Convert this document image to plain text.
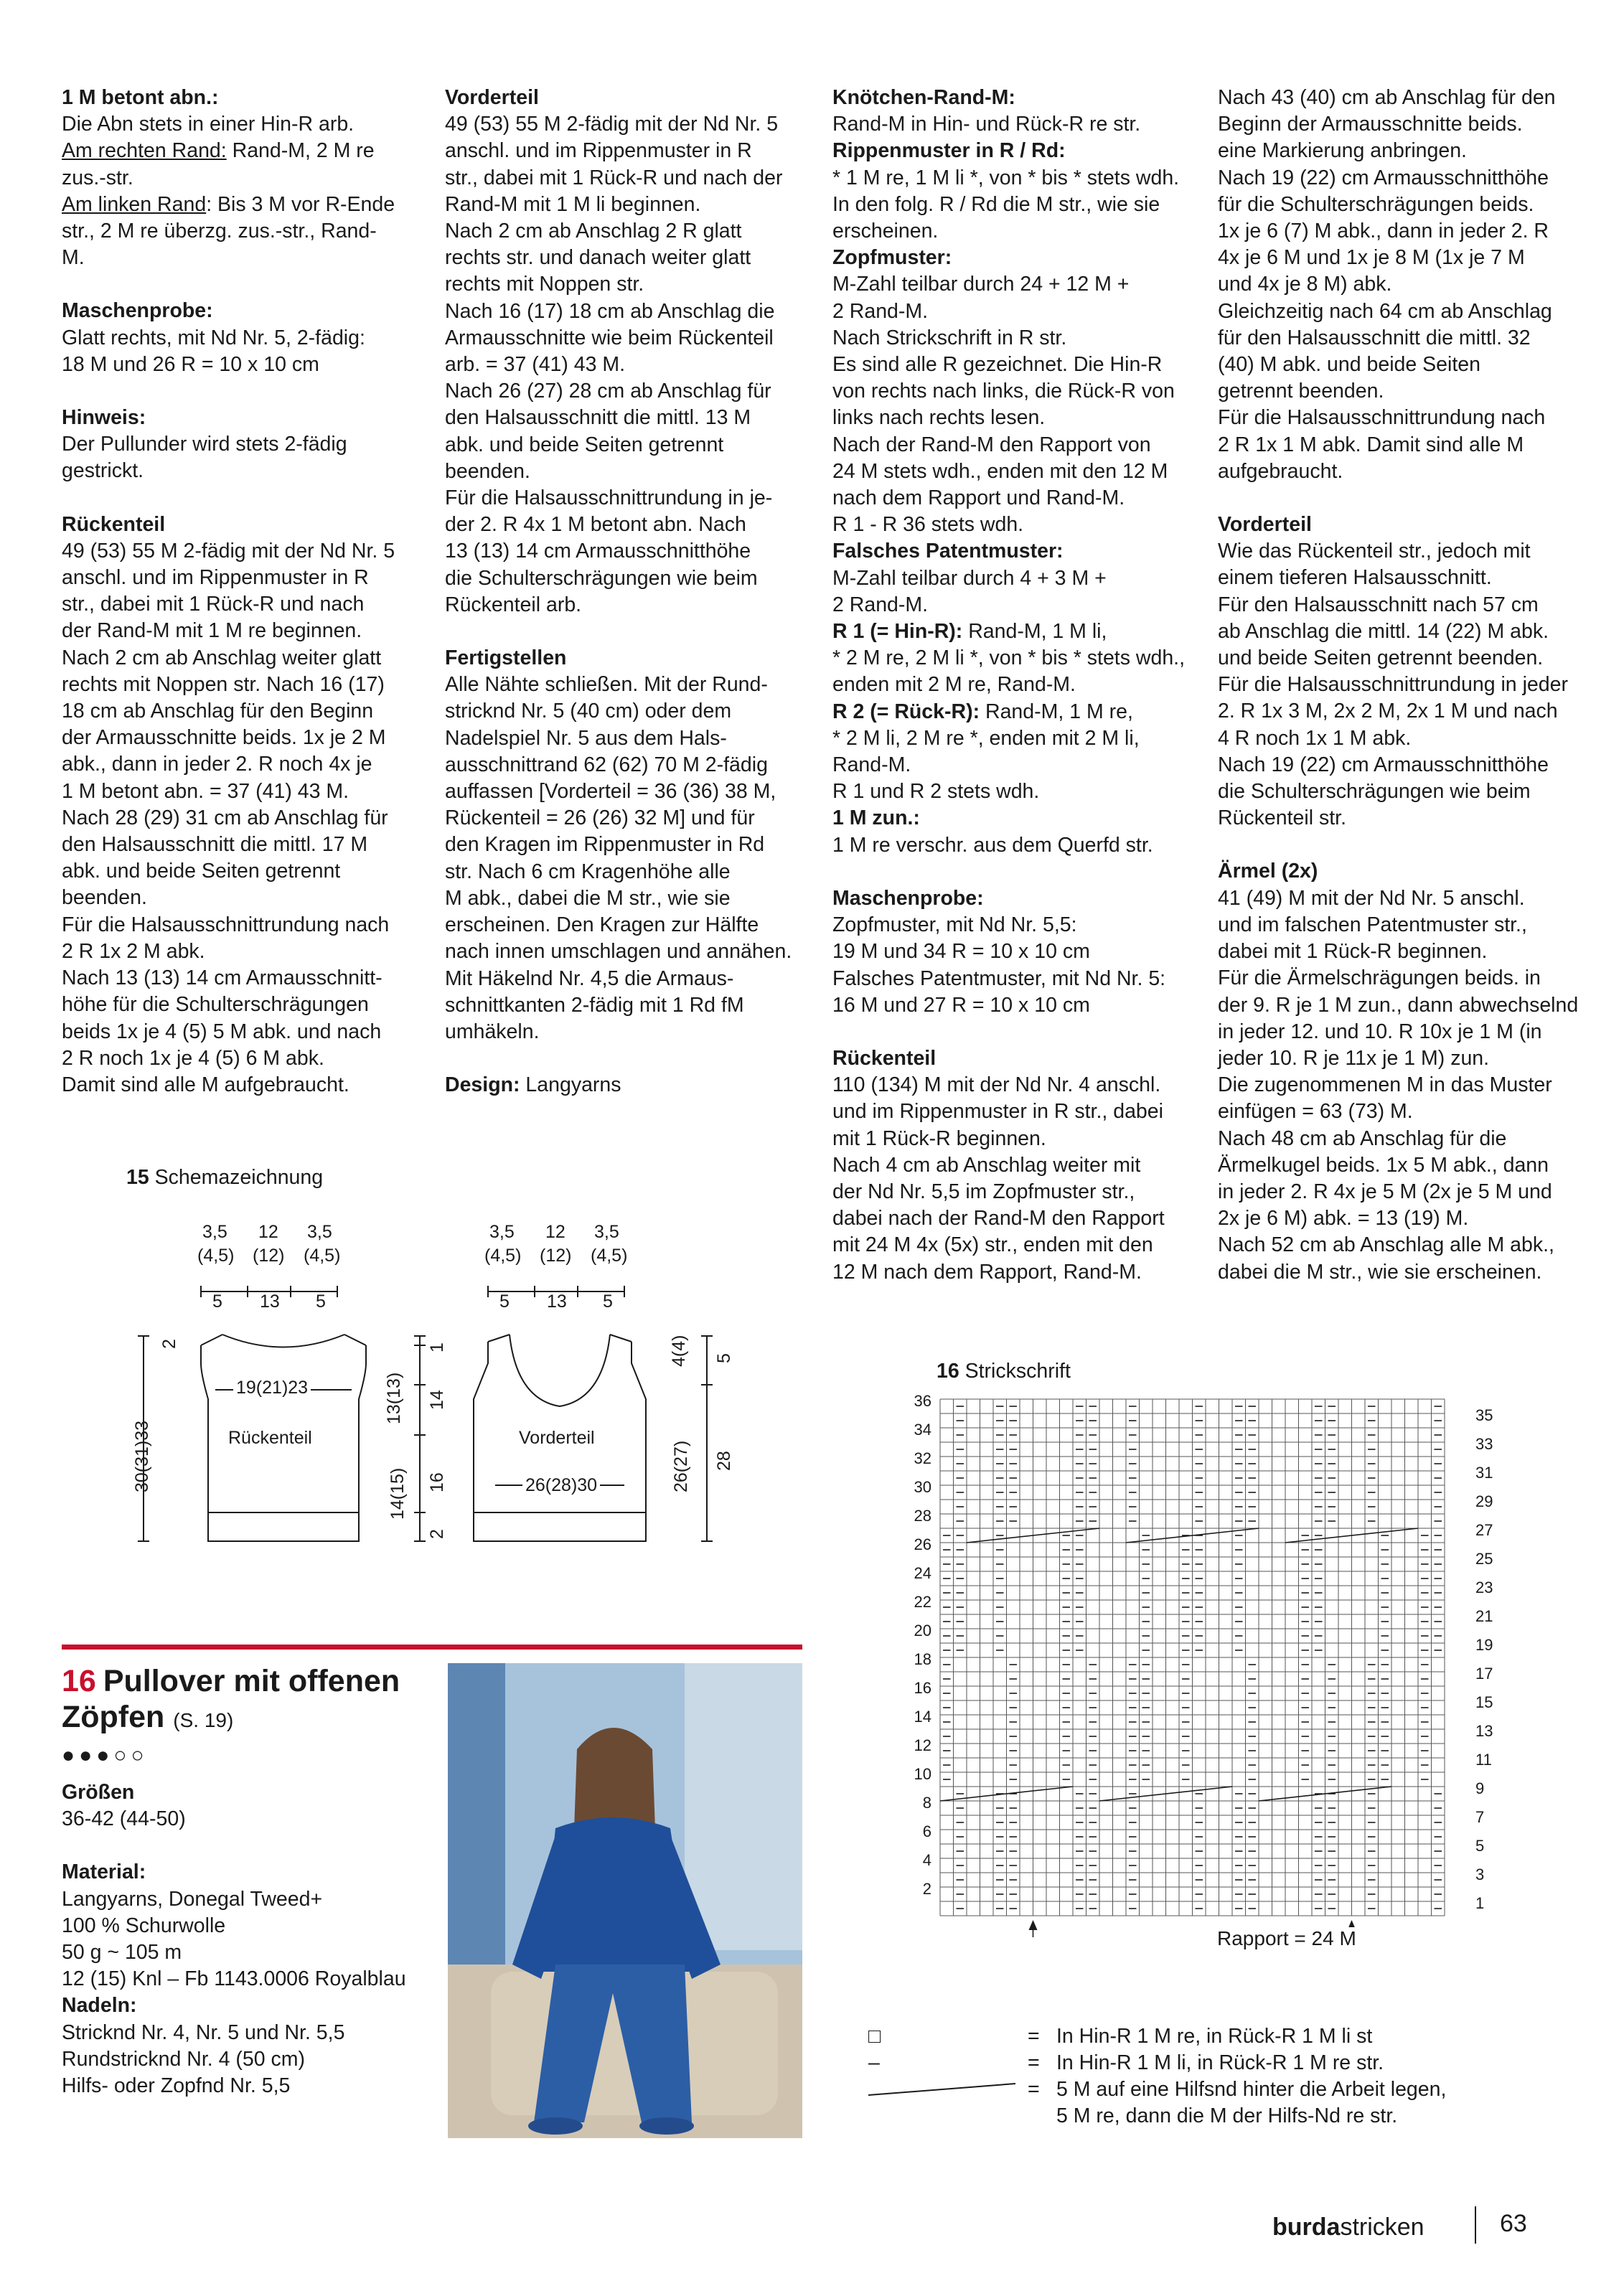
1 M betont abn.:

Die Abn stets in einer Hin-R arb.

Am rechten Rand: Rand-M, 2 M re

zus.-str.

Am linken Rand: Bis 3 M vor R-Ende

str., 2 M re überzg. zus.-str., Rand-M.

Maschenprobe:

Glatt rechts, mit Nd Nr. 5, 2-fädig:

18 M und 26 R = 10 x 10 cm

Hinweis:

Der Pullunder wird stets 2-fädig

gestrickt.

Rückenteil

49 (53) 55 M 2-fädig mit der Nd Nr. 5

anschl. und im Rippenmuster in R

str., dabei mit 1 Rück-R und nach

der Rand-M mit 1 M re beginnen.

Nach 2 cm ab Anschlag weiter glatt

rechts mit Noppen str. Nach 16 (17)

18 cm ab Anschlag für den Beginn

der Armausschnitte beids. 1x je 2 M

abk., dann in jeder 2. R noch 4x je

1 M betont abn. = 37 (41) 43 M.

Nach 28 (29) 31 cm ab Anschlag für

den Halsausschnitt die mittl. 17 M

abk. und beide Seiten getrennt

beenden.

Für die Halsausschnittrundung nach

2 R 1x 2 M abk.

Nach 13 (13) 14 cm Armausschnitt-

höhe für die Schulterschrägungen

beids 1x je 4 (5) 5 M abk. und nach

2 R noch 1x je 4 (5) 6 M abk.

Damit sind alle M aufgebraucht.

Vorderteil

49 (53) 55 M 2-fädig mit der Nd Nr. 5

anschl. und im Rippenmuster in R

str., dabei mit 1 Rück-R und nach der

Rand-M mit 1 M li beginnen.

Nach 2 cm ab Anschlag 2 R glatt

rechts str. und danach weiter glatt

rechts mit Noppen str.

Nach 16 (17) 18 cm ab Anschlag die

Armausschnitte wie beim Rückenteil

arb. = 37 (41) 43 M.

Nach 26 (27) 28 cm ab Anschlag für

den Halsausschnitt die mittl. 13 M

abk. und beide Seiten getrennt

beenden.

Für die Halsausschnittrundung in je-

der 2. R 4x 1 M betont abn. Nach

13 (13) 14 cm Armausschnitthöhe

die Schulterschrägungen wie beim

Rückenteil arb.

Fertigstellen

Alle Nähte schließen. Mit der Rund-

stricknd Nr. 5 (40 cm) oder dem

Nadelspiel Nr. 5 aus dem Hals-

ausschnittrand 62 (62) 70 M 2-fädig

auffassen [Vorderteil = 36 (36) 38 M,

Rückenteil = 26 (26) 32 M] und für

den Kragen im Rippenmuster in Rd

str. Nach 6 cm Kragenhöhe alle

M abk., dabei die M str., wie sie

erscheinen. Den Kragen zur Hälfte

nach innen umschlagen und annähen.

Mit Häkelnd Nr. 4,5 die Armaus-

schnittkanten 2-fädig mit 1 Rd fM

umhäkeln.

Design: Langyarns

Knötchen-Rand-M:

Rand-M in Hin- und Rück-R re str.

Rippenmuster in R / Rd:

* 1 M re, 1 M li *, von * bis * stets wdh.

In den folg. R / Rd die M str., wie sie

erscheinen.

Zopfmuster:

M-Zahl teilbar durch 24 + 12 M +

2 Rand-M.

Nach Strickschrift in R str.

Es sind alle R gezeichnet. Die Hin-R

von rechts nach links, die Rück-R von

links nach rechts lesen.

Nach der Rand-M den Rapport von

24 M stets wdh., enden mit den 12 M

nach dem Rapport und Rand-M.

R 1 - R 36 stets wdh.

Falsches Patentmuster:

M-Zahl teilbar durch 4 + 3 M +

2 Rand-M.

R 1 (= Hin-R): Rand-M, 1 M li,

* 2 M re, 2 M li *, von * bis * stets wdh.,

enden mit 2 M re, Rand-M.

R 2 (= Rück-R): Rand-M, 1 M re,

* 2 M li, 2 M re *, enden mit 2 M li,

Rand-M.

R 1 und R 2 stets wdh.

1 M zun.:

1 M re verschr. aus dem Querfd str.

Maschenprobe:

Zopfmuster, mit Nd Nr. 5,5:

19 M und 34 R = 10 x 10 cm

Falsches Patentmuster, mit Nd Nr. 5:

16 M und 27 R = 10 x 10 cm

Rückenteil

110 (134) M mit der Nd Nr. 4 anschl.

und im Rippenmuster in R str., dabei

mit 1 Rück-R beginnen.

Nach 4 cm ab Anschlag weiter mit

der Nd Nr. 5,5 im Zopfmuster str.,

dabei nach der Rand-M den Rapport

mit 24 M 4x (5x) str., enden mit den

12 M nach dem Rapport, Rand-M.

Nach 43 (40) cm ab Anschlag für den

Beginn der Armausschnitte beids.

eine Markierung anbringen.

Nach 19 (22) cm Armausschnitthöhe

für die Schulterschrägungen beids.

1x je 6 (7) M abk., dann in jeder 2. R

4x je 6 M und 1x je 8 M (1x je 7 M

und 4x je 8 M) abk.

Gleichzeitig nach 64 cm ab Anschlag

für den Halsausschnitt die mittl. 32

(40) M abk. und beide Seiten

getrennt beenden.

Für die Halsausschnittrundung nach

2 R 1x 1 M abk. Damit sind alle M

aufgebraucht.

Vorderteil

Wie das Rückenteil str., jedoch mit

einem tieferen Halsausschnitt.

Für den Halsausschnitt nach 57 cm

ab Anschlag die mittl. 14 (22) M abk.

und beide Seiten getrennt beenden.

Für die Halsausschnittrundung in jeder

2. R 1x 3 M, 2x 2 M, 2x 1 M und nach

4 R noch 1x 1 M abk.

Nach 19 (22) cm Armausschnitthöhe

die Schulterschrägungen wie beim

Rückenteil str.

Ärmel (2x)

41 (49) M mit der Nd Nr. 5 anschl.

und im falschen Patentmuster str.,

dabei mit 1 Rück-R beginnen.

Für die Ärmelschrägungen beids. in

der 9. R je 1 M zun., dann abwechselnd

in jeder 12. und 10. R 10x je 1 M (in

jeder 10. R je 11x je 1 M) zun.

Die zugenommenen M in das Muster

einfügen = 63 (73) M.

Nach 48 cm ab Anschlag für die

Ärmelkugel beids. 1x 5 M abk., dann

in jeder 2. R 4x je 5 M (2x je 5 M und

2x je 6 M) abk. = 13 (19) M.

Nach 52 cm ab Anschlag alle M abk.,

dabei die M str., wie sie erscheinen.

15 Schemazeichnung
3,5 12 3,5
(4,5) (12) (4,5)
5 13 5
19(21)23
Rückenteil
30(31)33
2
3,5 12 3,5
(4,5) (12) (4,5)
5 13 5
Vorderteil
26(28)30
13(13) 14
1
14(15) 16
2
4(4) 5
26(27) 28
16 Strickschrift
36
34
32
30
28
26
24
22
20
18
16
14
12
10
8
6
4
2
35
33
31
29
27
25
23
21
19
17
15
13
11
9
7
5
3
1
Rapport = 24 M
□	= In Hin-R 1 M re, in Rück-R 1 M li st
–	= In Hin-R 1 M li, in Rück-R 1 M re str.
= 5 M auf eine Hilfsnd hinter die Arbeit legen,
5 M re, dann die M der Hilfs-Nd re str.
16 Pullover mit offenen
Zöpfen (S. 19)
●●●○○

Größen

36-42 (44-50)

Material:

Langyarns, Donegal Tweed+

100 % Schurwolle

50 g ~ 105 m

12 (15) Knl – Fb 1143.0006 Royalblau

Nadeln:

Stricknd Nr. 4, Nr. 5 und Nr. 5,5

Rundstricknd Nr. 4 (50 cm)

Hilfs- oder Zopfnd Nr. 5,5

burdastricken	63
